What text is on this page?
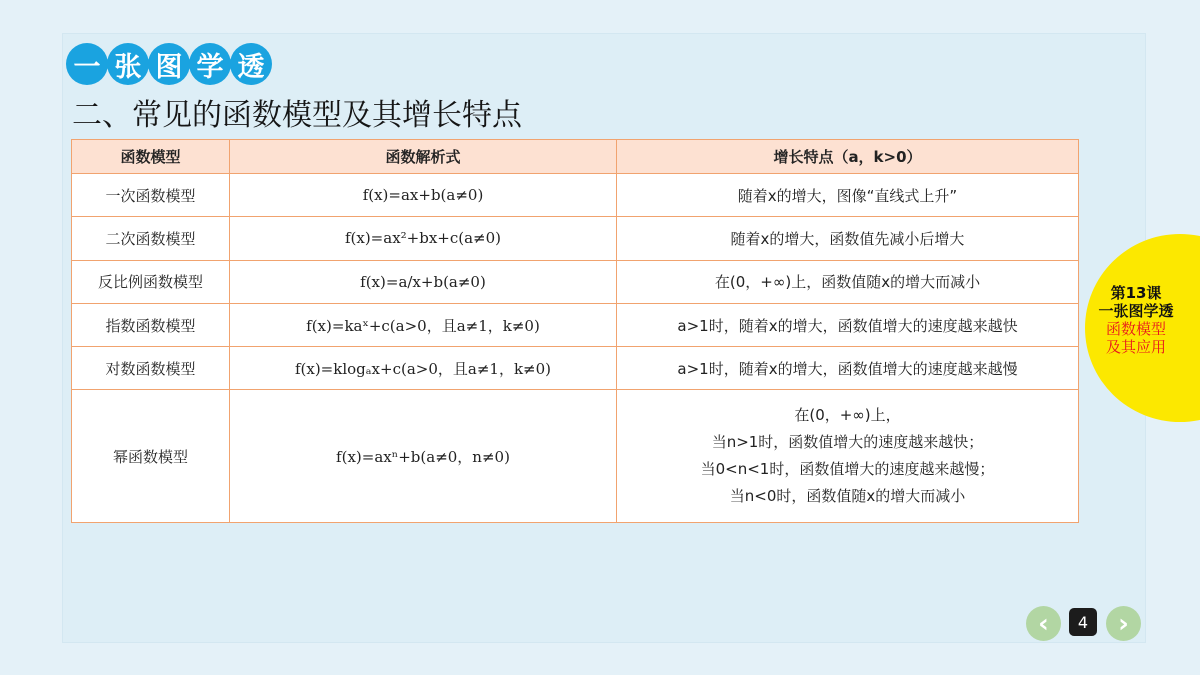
一 张 图 学 透
二、常见的函数模型及其增长特点
函数模型	函数解析式	增长特点（a，k>0）
一次函数模型	f(x)=ax+b(a≠0)	随着x的增大，图像“直线式上升”
二次函数模型	f(x)=ax²+bx+c(a≠0)	随着x的增大，函数值先减小后增大
反比例函数模型	f(x)=a/x+b(a≠0)	在(0，+∞)上，函数值随x的增大而减小
指数函数模型	f(x)=kaˣ+c(a>0，且a≠1，k≠0)	a>1时，随着x的增大，函数值增大的速度越来越快
对数函数模型	f(x)=klogₐx+c(a>0，且a≠1，k≠0)	a>1时，随着x的增大，函数值增大的速度越来越慢
幂函数模型	f(x)=axⁿ+b(a≠0，n≠0)	在(0，+∞)上，
当n>1时，函数值增大的速度越来越快；
当0<n<1时，函数值增大的速度越来越慢；
当n<0时，函数值随x的增大而减小
第13课
一张图学透
函数模型
及其应用
‹	4	›
